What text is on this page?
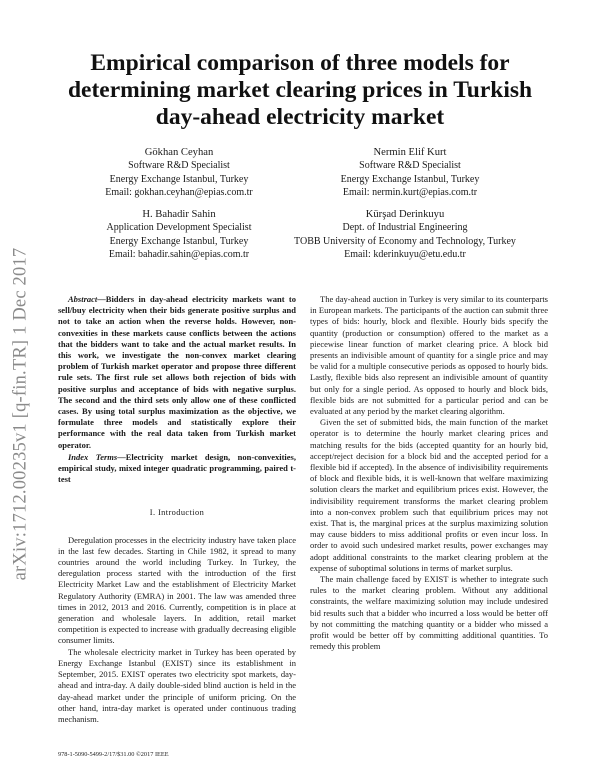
arXiv:1712.00235v1 [q-fin.TR] 1 Dec 2017
Empirical comparison of three models for determining market clearing prices in Turkish day-ahead electricity market
Gökhan Ceyhan
Software R&D Specialist
Energy Exchange Istanbul, Turkey
Email: gokhan.ceyhan@epias.com.tr
Nermin Elif Kurt
Software R&D Specialist
Energy Exchange Istanbul, Turkey
Email: nermin.kurt@epias.com.tr
H. Bahadir Sahin
Application Development Specialist
Energy Exchange Istanbul, Turkey
Email: bahadir.sahin@epias.com.tr
Kürşad Derinkuyu
Dept. of Industrial Engineering
TOBB University of Economy and Technology, Turkey
Email: kderinkuyu@etu.edu.tr

Abstract—Bidders in day-ahead electricity markets want to sell/buy electricity when their bids generate positive surplus and not to take an action when the reverse holds. However, non-convexities in these markets cause conflicts between the actions that the bidders want to take and the actual market results. In this work, we investigate the non-convex market clearing problem of Turkish market operator and propose three different rule sets. The first rule set allows both rejection of bids with positive surplus and acceptance of bids with negative surplus. The second and the third sets only allow one of these conflicted cases. By using total surplus maximization as the objective, we formulate three models and statistically explore their performance with the real data taken from Turkish market operator.

Index Terms—Electricity market design, non-convexities, empirical study, mixed integer quadratic programming, paired t-test

I. Introduction

Deregulation processes in the electricity industry have taken place in the last few decades. Starting in Chile 1982, it spread to many countries around the world including Turkey. In Turkey, the deregulation process started with the introduction of the first Electricity Market Law and the establishment of Electricity Market Regulatory Authority (EMRA) in 2001. The law was amended three times in 2012, 2013 and 2016. Currently, competition is in place at generation and wholesale layers. In addition, retail market competition is expected to increase with gradually decreasing eligible consumer limits.

The wholesale electricity market in Turkey has been operated by Energy Exchange Istanbul (EXIST) since its establishment in September, 2015. EXIST operates two electricity spot markets, day-ahead and intra-day. A daily double-sided blind auction is held in the day-ahead market under the principle of uniform pricing. On the other hand, intra-day market is operated under continuous trading mechanism.

The day-ahead auction in Turkey is very similar to its counterparts in European markets. The participants of the auction can submit three types of bids: hourly, block and flexible. Hourly bids specify the quantity (production or consumption) offered to the market as a piecewise linear function of market clearing price. A block bid presents an indivisible amount of quantity for a single price and may be valid for a multiple consecutive periods as opposed to hourly bids. Lastly, flexible bids also represent an indivisible amount of quantity but only for a single period. As opposed to hourly and block bids, flexible bids are not submitted for a particular period and can be evaluated at any period by the market clearing algorithm.

Given the set of submitted bids, the main function of the market operator is to determine the hourly market clearing prices and matching results for the bids (accepted quantity for an hourly bid, accept/reject decision for a block bid and the accepted period for a flexible bid if accepted). In the absence of indivisibility requirements of block and flexible bids, it is well-known that welfare maximizing solution clears the market and equilibrium prices exist. However, the indivisibility requirement transforms the market clearing problem into a non-convex problem such that equilibrium prices may not exist. That is, the marginal prices at the surplus maximizing solution may cause bidders to miss additional profits or even incur loss. In order to avoid such undesired market results, power exchanges may adopt additional constraints to the market clearing problem at the expense of suboptimal solutions in terms of market surplus.

The main challenge faced by EXIST is whether to integrate such rules to the market clearing problem. Without any additional constraints, the welfare maximizing solution may include undesired bid results such that a bidder who incurred a loss would be better off by not committing the matching quantity or a bidder who missed a profit would be better off by committing additional quantities. To remedy this problem

978-1-5090-5499-2/17/$31.00 ©2017 IEEE
